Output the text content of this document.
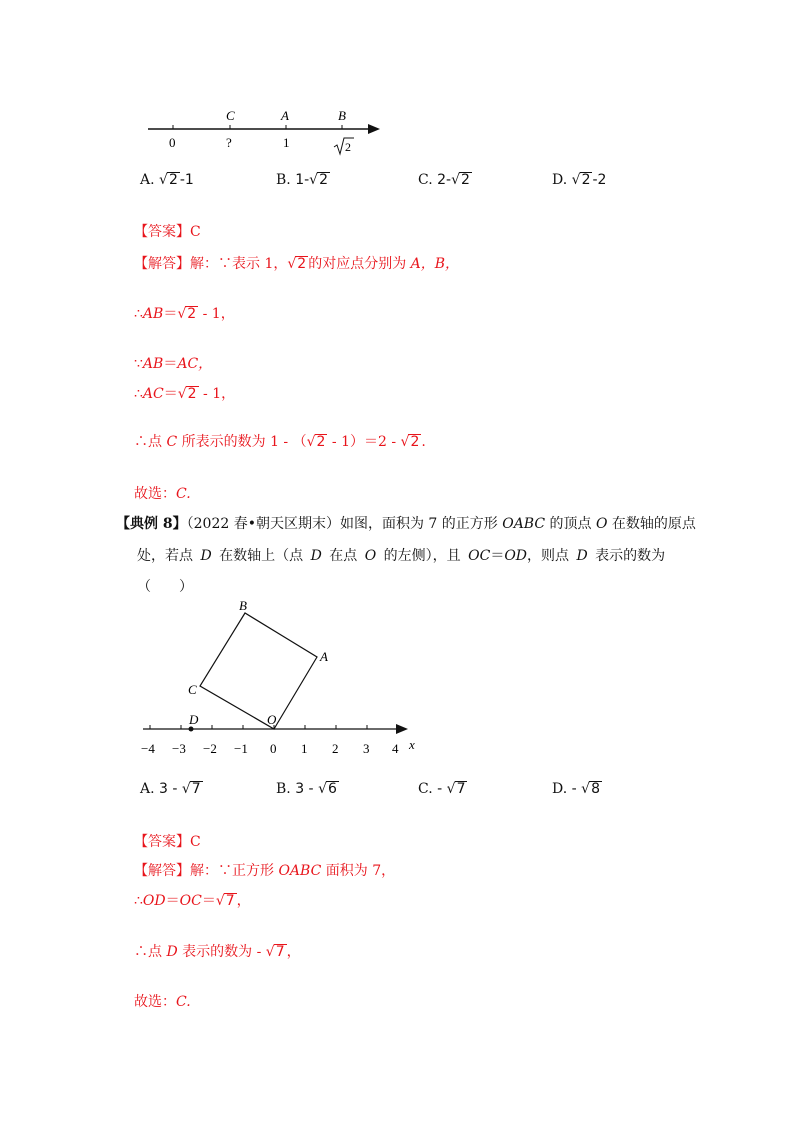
C	A	B
0	?	1	2
A. √2 -1	B. 1-√2	C. 2-√2	D. √2 -2
【答案】C
【解答】解：∵表示 1，√2 的对应点分别为 A，B，
∴AB＝√2 - 1，
∵AB＝AC，
∴AC＝√2 - 1，
∴点 C 所表示的数为 1 - （√2 - 1）＝2 - √2 .
故选：C.
【典例 8】（2022 春•朝天区期末）如图，面积为 7 的正方形 OABC 的顶点 O 在数轴的原点
处，若点 D 在数轴上（点 D 在点 O 的左侧），且 OC＝OD，则点 D 表示的数为
（　　）
B
A
C
O
D
−4 −3 −2 −1 0 1 2 3 4 x
A. 3 - √7	B. 3 - √6	C. - √7	D. - √8
【答案】C
【解答】解：∵正方形 OABC 面积为 7，
∴OD＝OC＝√7 ，
∴点 D 表示的数为 - √7 ，
故选：C.
